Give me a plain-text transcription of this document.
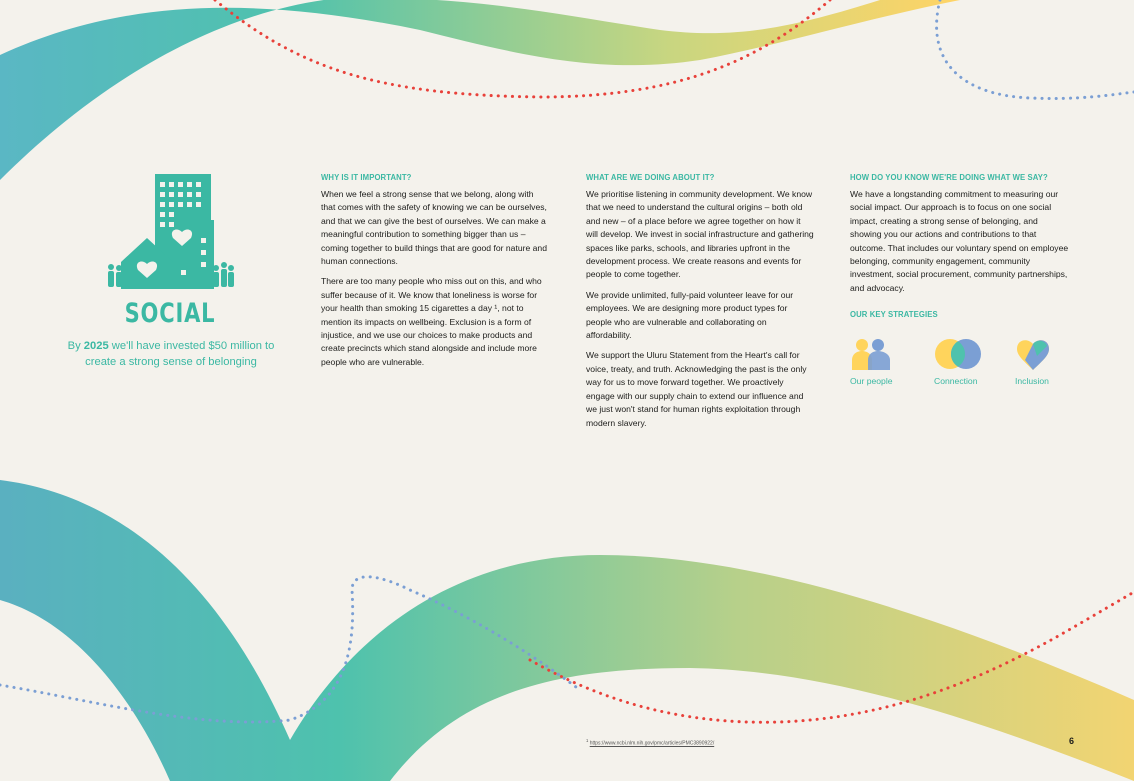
SOCIAL
By 2025 we'll have invested $50 million to create a strong sense of belonging
WHY IS IT IMPORTANT?

When we feel a strong sense that we belong, along with that comes with the safety of knowing we can be ourselves, and that we can give the best of ourselves. We can make a meaningful contribution to something bigger than us – coming together to build things that are good for nature and human connections.

There are too many people who miss out on this, and who suffer because of it. We know that loneliness is worse for your health than smoking 15 cigarettes a day ¹, not to mention its impacts on wellbeing. Exclusion is a form of injustice, and we use our choices to make products and create precincts which stand alongside and include more people who are vulnerable.

WHAT ARE WE DOING ABOUT IT?

We prioritise listening in community development. We know that we need to understand the cultural origins – both old and new – of a place before we agree together on how it will develop. We invest in social infrastructure and gathering spaces like parks, schools, and libraries upfront in the development process. We create reasons and events for people to come together.

We provide unlimited, fully-paid volunteer leave for our employees. We are designing more product types for people who are vulnerable and collaborating on affordability.

We support the Uluru Statement from the Heart's call for voice, treaty, and truth. Acknowledging the past is the only way for us to move forward together. We proactively engage with our supply chain to extend our influence and we just won't stand for human rights exploitation through modern slavery.

HOW DO YOU KNOW WE'RE DOING WHAT WE SAY?

We have a longstanding commitment to measuring our social impact. Our approach is to focus on one social impact, creating a strong sense of belonging, and showing you our actions and contributions to that outcome. That includes our voluntary spend on employee belonging, community engagement, community investment, social procurement, community partnerships, and advocacy.

OUR KEY STRATEGIES
Our people	Connection	Inclusion
$^1$ https://www.ncbi.nlm.nih.gov/pmc/articles/PMC3890922/	6
